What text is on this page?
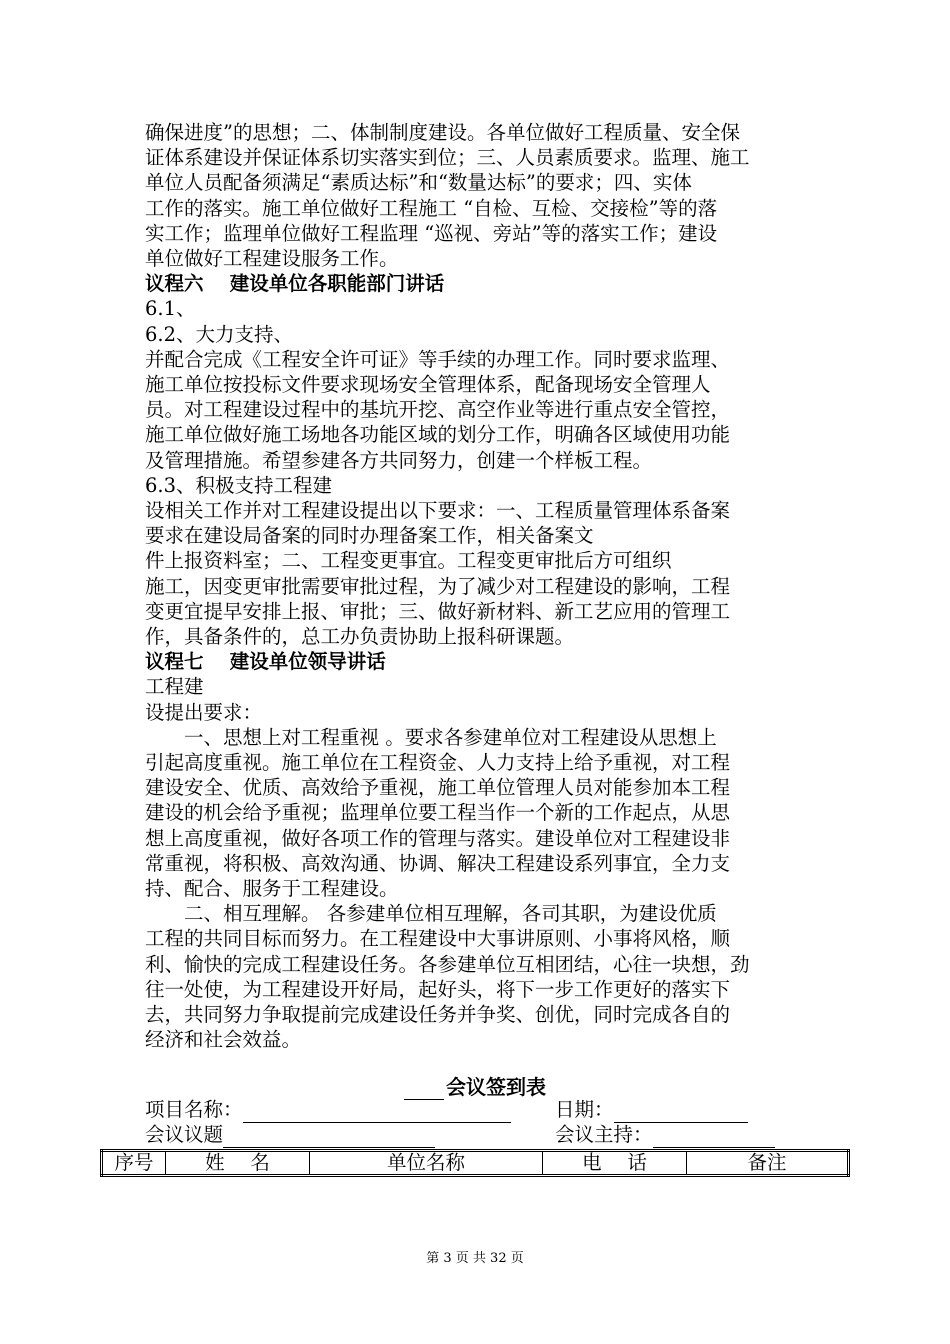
确保进度”的思想；二、体制制度建设。各单位做好工程质量、安全保
证体系建设并保证体系切实落实到位；三、人员素质要求。监理、施工
单位人员配备须满足“素质达标”和“数量达标”的要求；四、实体
工作的落实。施工单位做好工程施工 “自检、互检、交接检”等的落
实工作；监理单位做好工程监理 “巡视、旁站”等的落实工作；建设
单位做好工程建设服务工作。
议程六　 建设单位各职能部门讲话
6.1、
6.2、大力支持、
并配合完成《工程安全许可证》等手续的办理工作。同时要求监理、
施工单位按投标文件要求现场安全管理体系，配备现场安全管理人
员。对工程建设过程中的基坑开挖、高空作业等进行重点安全管控，
施工单位做好施工场地各功能区域的划分工作，明确各区域使用功能
及管理措施。希望参建各方共同努力，创建一个样板工程。
6.3、积极支持工程建
设相关工作并对工程建设提出以下要求：一、工程质量管理体系备案
要求在建设局备案的同时办理备案工作，相关备案文
件上报资料室；二、工程变更事宜。工程变更审批后方可组织
施工，因变更审批需要审批过程，为了减少对工程建设的影响，工程
变更宜提早安排上报、审批；三、做好新材料、新工艺应用的管理工
作，具备条件的，总工办负责协助上报科研课题。
议程七　 建设单位领导讲话
工程建
设提出要求：
　　一、思想上对工程重视 。要求各参建单位对工程建设从思想上
引起高度重视。施工单位在工程资金、人力支持上给予重视，对工程
建设安全、优质、高效给予重视，施工单位管理人员对能参加本工程
建设的机会给予重视；监理单位要工程当作一个新的工作起点，从思
想上高度重视，做好各项工作的管理与落实。建设单位对工程建设非
常重视，将积极、高效沟通、协调、解决工程建设系列事宜，全力支
持、配合、服务于工程建设。
　　二、相互理解。 各参建单位相互理解，各司其职，为建设优质
工程的共同目标而努力。在工程建设中大事讲原则、小事将风格，顺
利、愉快的完成工程建设任务。各参建单位互相团结，心往一块想，劲
往一处使，为工程建设开好局，起好头，将下一步工作更好的落实下
去，共同努力争取提前完成建设任务并争奖、创优，同时完成各自的
经济和社会效益。
会议签到表
项目名称：	日期：
会议议题	会议主持：
序号	姓　 名	单位名称	电　 话	备注
第 3 页 共 32 页
